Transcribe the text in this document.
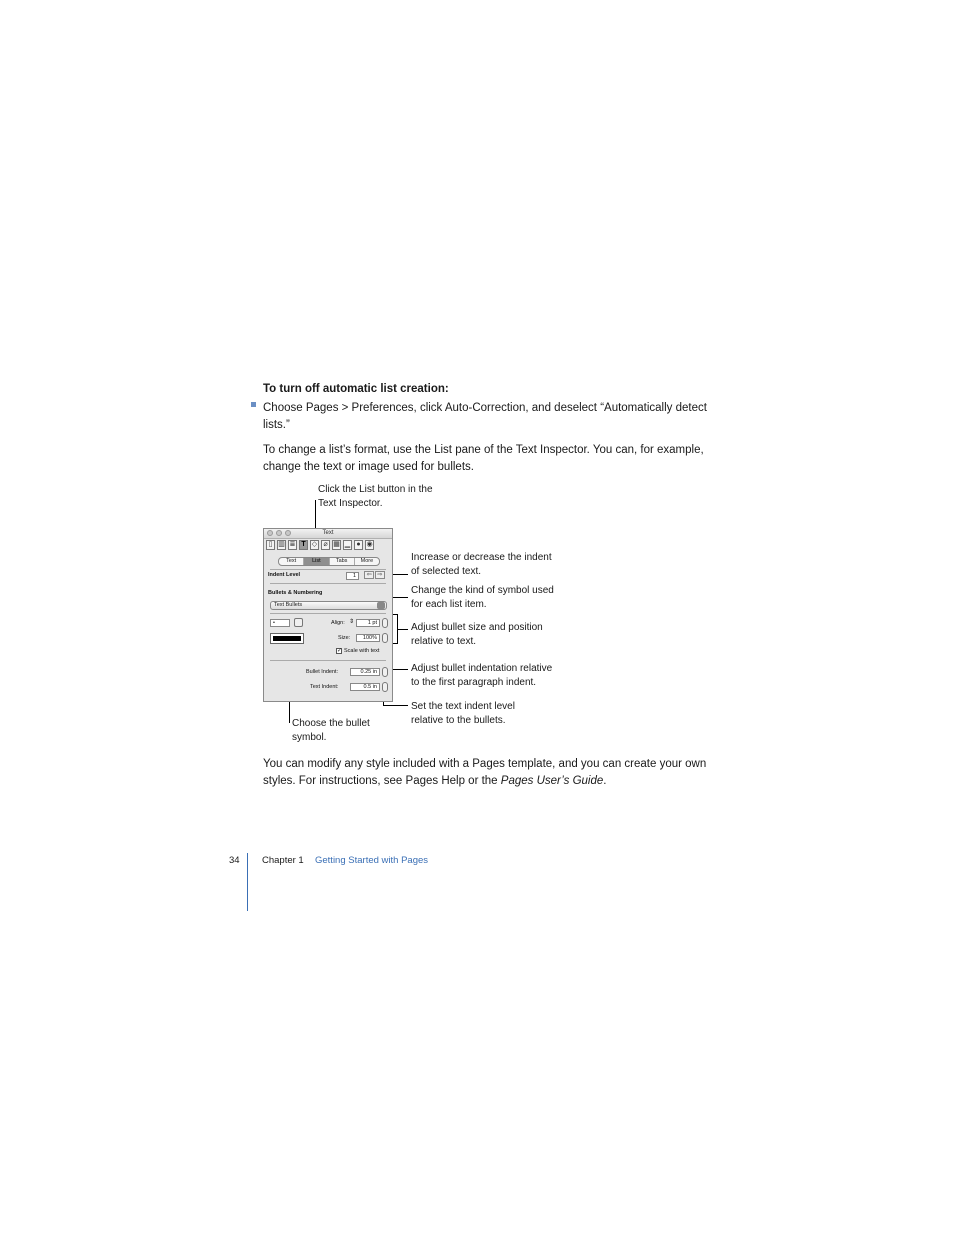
To turn off automatic list creation:
Choose Pages > Preferences, click Auto-Correction, and deselect “Automatically detect lists.”
To change a list’s format, use the List pane of the Text Inspector. You can, for example, change the text or image used for bullets.
Click the List button in the
Text Inspector.
Increase or decrease the indent
of selected text.
Change the kind of symbol used
for each list item.
Adjust bullet size and position
relative to text.
Adjust bullet indentation relative
to the first paragraph indent.
Set the text indent level
relative to the bullets.
Choose the bullet
symbol.
Text
▯ ▥ ≣ T ◇ ⌀ ▦ ▁ ● ◉
Text	List	Tabs	More
Indent Level	1	⇦ ⇨
Bullets & Numbering
Text Bullets
•	Align: ⇕	1 pt
Size:	100%
✓ Scale with text
Bullet Indent:	0.25 in
Text Indent:	0.5 in
You can modify any style included with a Pages template, and you can create your own styles. For instructions, see Pages Help or the Pages User’s Guide.
34 Chapter 1 Getting Started with Pages
